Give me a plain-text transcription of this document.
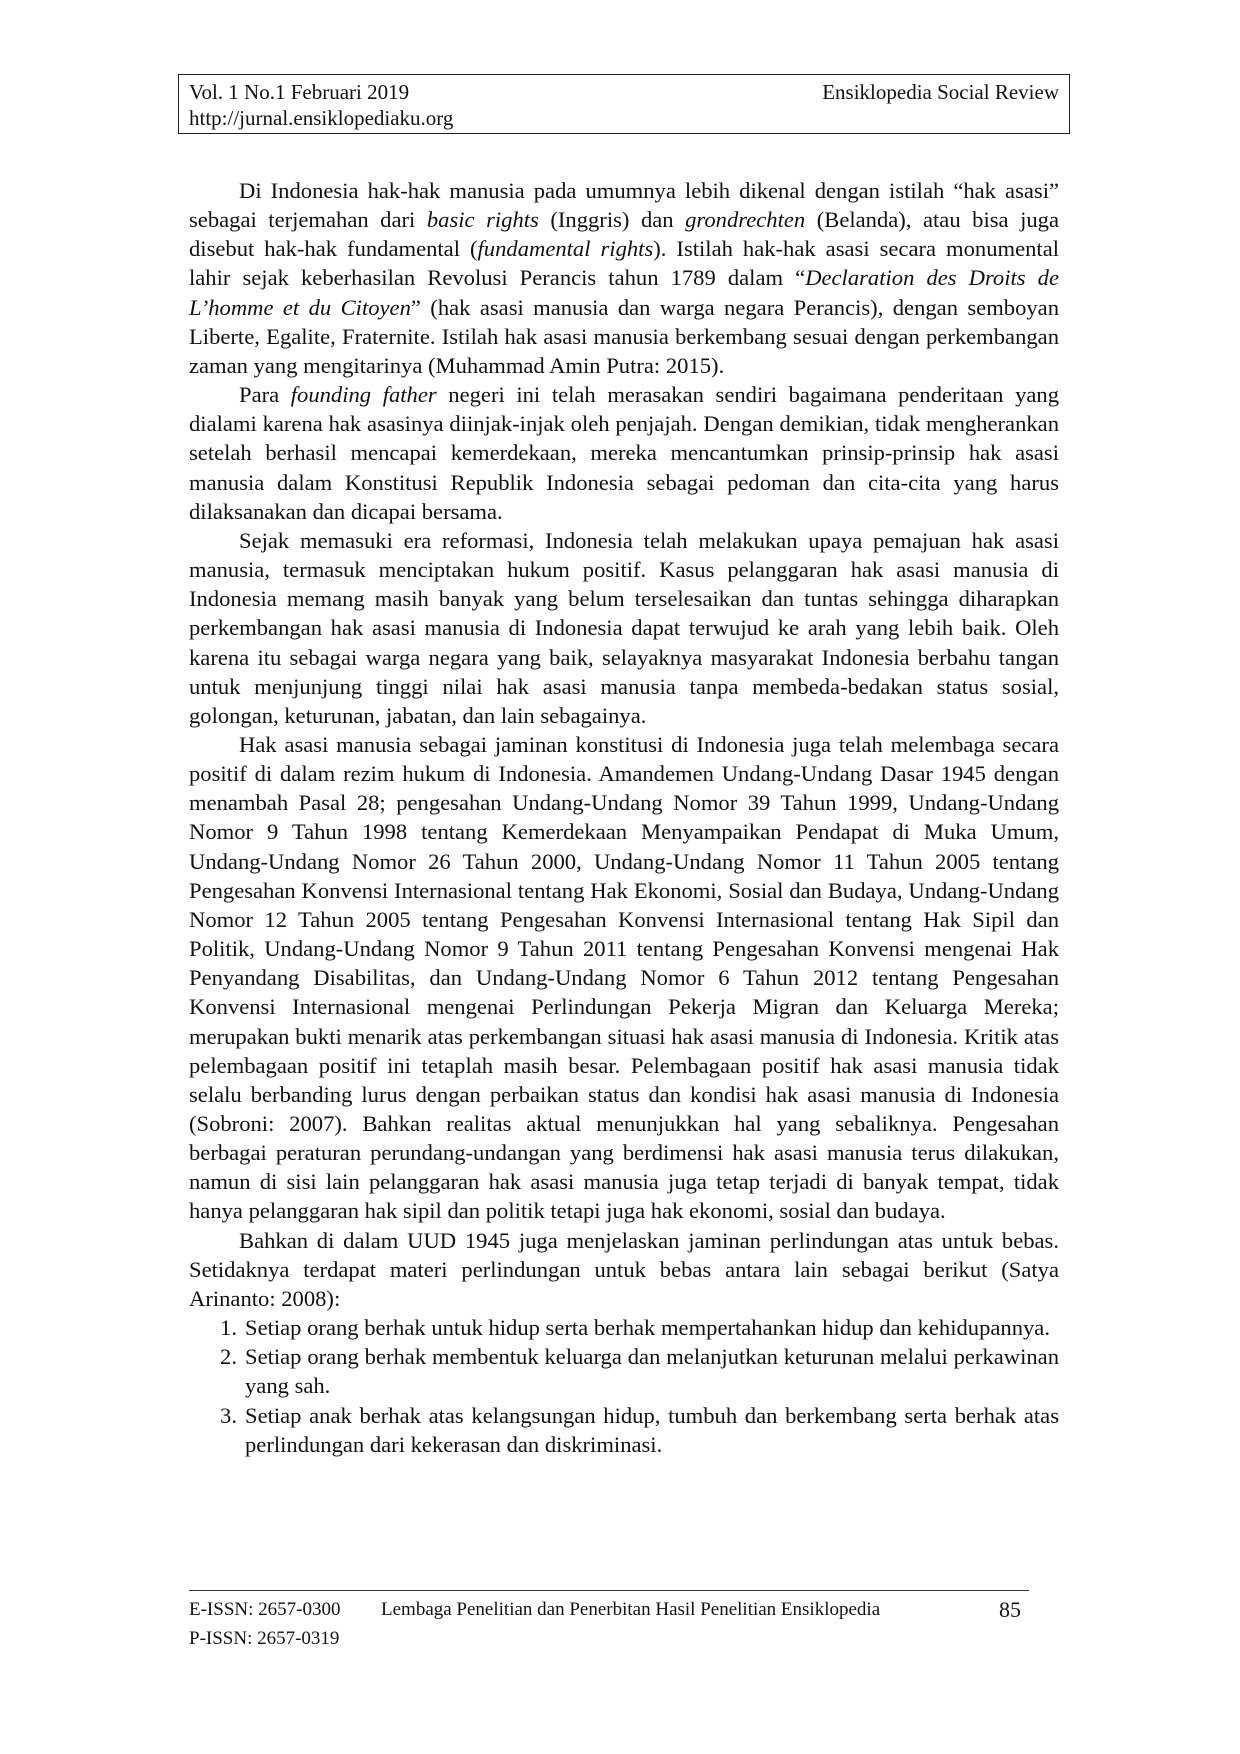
Vol. 1 No.1 Februari 2019	Ensiklopedia Social Review
http://jurnal.ensiklopediaku.org

Di Indonesia hak-hak manusia pada umumnya lebih dikenal dengan istilah “hak asasi” sebagai terjemahan dari basic rights (Inggris) dan grondrechten (Belanda), atau bisa juga disebut hak-hak fundamental (fundamental rights). Istilah hak-hak asasi secara monumental lahir sejak keberhasilan Revolusi Perancis tahun 1789 dalam “Declaration des Droits de L’homme et du Citoyen” (hak asasi manusia dan warga negara Perancis), dengan semboyan Liberte, Egalite, Fraternite. Istilah hak asasi manusia berkembang sesuai dengan perkembangan zaman yang mengitarinya (Muhammad Amin Putra: 2015).

Para founding father negeri ini telah merasakan sendiri bagaimana penderitaan yang dialami karena hak asasinya diinjak-injak oleh penjajah. Dengan demikian, tidak mengherankan setelah berhasil mencapai kemerdekaan, mereka mencantumkan prinsip-prinsip hak asasi manusia dalam Konstitusi Republik Indonesia sebagai pedoman dan cita-cita yang harus dilaksanakan dan dicapai bersama.

Sejak memasuki era reformasi, Indonesia telah melakukan upaya pemajuan hak asasi manusia, termasuk menciptakan hukum positif. Kasus pelanggaran hak asasi manusia di Indonesia memang masih banyak yang belum terselesaikan dan tuntas sehingga diharapkan perkembangan hak asasi manusia di Indonesia dapat terwujud ke arah yang lebih baik. Oleh karena itu sebagai warga negara yang baik, selayaknya masyarakat Indonesia berbahu tangan untuk menjunjung tinggi nilai hak asasi manusia tanpa membeda-bedakan status sosial, golongan, keturunan, jabatan, dan lain sebagainya.

Hak asasi manusia sebagai jaminan konstitusi di Indonesia juga telah melembaga secara positif di dalam rezim hukum di Indonesia. Amandemen Undang-Undang Dasar 1945 dengan menambah Pasal 28; pengesahan Undang-Undang Nomor 39 Tahun 1999, Undang-Undang Nomor 9 Tahun 1998 tentang Kemerdekaan Menyampaikan Pendapat di Muka Umum, Undang-Undang Nomor 26 Tahun 2000, Undang-Undang Nomor 11 Tahun 2005 tentang Pengesahan Konvensi Internasional tentang Hak Ekonomi, Sosial dan Budaya, Undang-Undang Nomor 12 Tahun 2005 tentang Pengesahan Konvensi Internasional tentang Hak Sipil dan Politik, Undang-Undang Nomor 9 Tahun 2011 tentang Pengesahan Konvensi mengenai Hak Penyandang Disabilitas, dan Undang-Undang Nomor 6 Tahun 2012 tentang Pengesahan Konvensi Internasional mengenai Perlindungan Pekerja Migran dan Keluarga Mereka; merupakan bukti menarik atas perkembangan situasi hak asasi manusia di Indonesia. Kritik atas pelembagaan positif ini tetaplah masih besar. Pelembagaan positif hak asasi manusia tidak selalu berbanding lurus dengan perbaikan status dan kondisi hak asasi manusia di Indonesia (Sobroni: 2007). Bahkan realitas aktual menunjukkan hal yang sebaliknya. Pengesahan berbagai peraturan perundang-undangan yang berdimensi hak asasi manusia terus dilakukan, namun di sisi lain pelanggaran hak asasi manusia juga tetap terjadi di banyak tempat, tidak hanya pelanggaran hak sipil dan politik tetapi juga hak ekonomi, sosial dan budaya.

Bahkan di dalam UUD 1945 juga menjelaskan jaminan perlindungan atas untuk bebas. Setidaknya terdapat materi perlindungan untuk bebas antara lain sebagai berikut (Satya Arinanto: 2008):

1. Setiap orang berhak untuk hidup serta berhak mempertahankan hidup dan kehidupannya.
2. Setiap orang berhak membentuk keluarga dan melanjutkan keturunan melalui perkawinan yang sah.
3. Setiap anak berhak atas kelangsungan hidup, tumbuh dan berkembang serta berhak atas perlindungan dari kekerasan dan diskriminasi.
E-ISSN: 2657-0300 Lembaga Penelitian dan Penerbitan Hasil Penelitian Ensiklopedia	85
P-ISSN: 2657-0319
